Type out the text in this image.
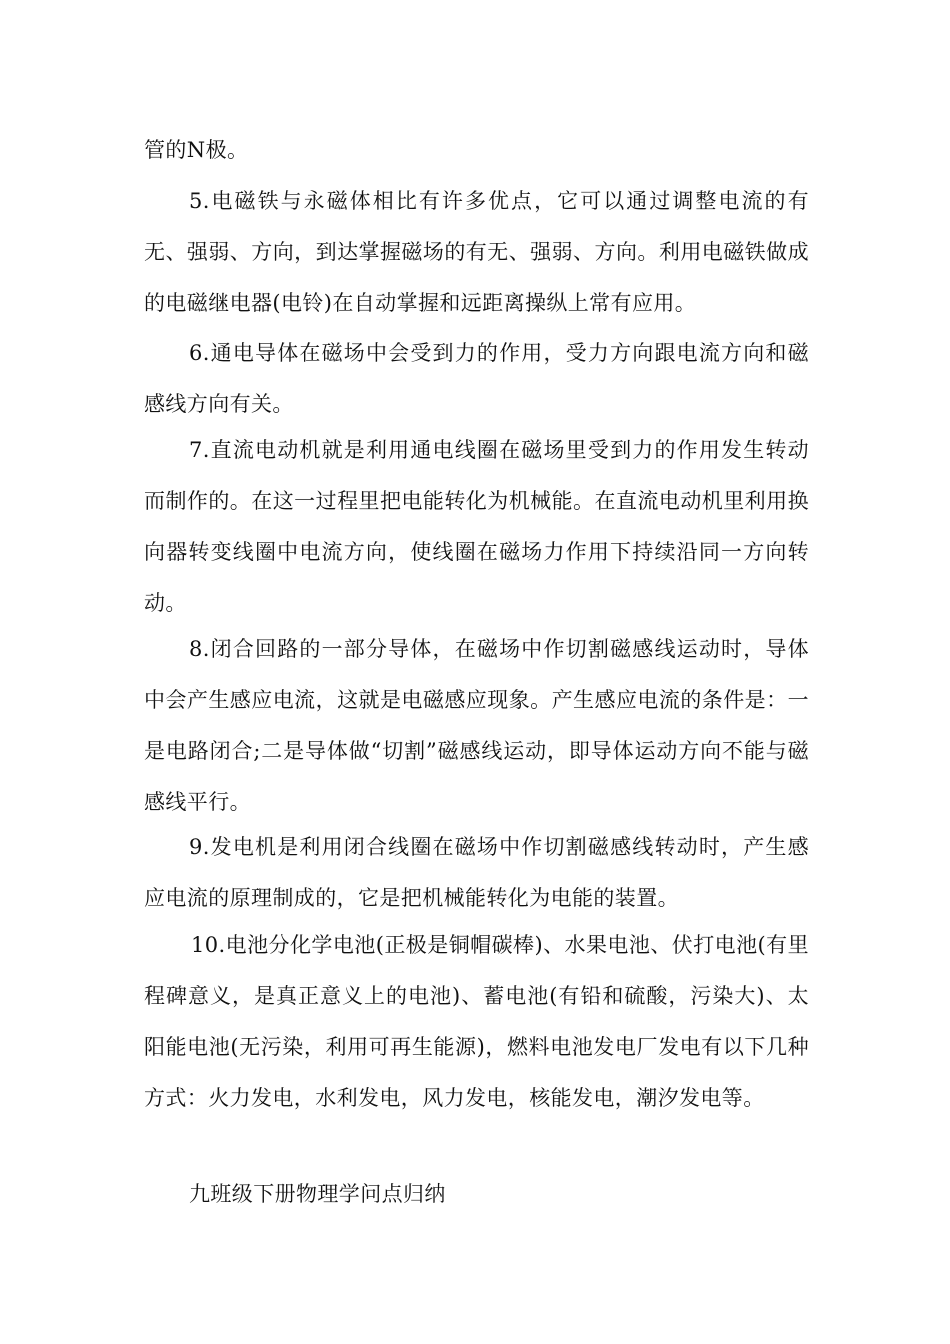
管的N极。

5.电磁铁与永磁体相比有许多优点，它可以通过调整电流的有无、强弱、方向，到达掌握磁场的有无、强弱、方向。利用电磁铁做成的电磁继电器(电铃)在自动掌握和远距离操纵上常有应用。

6.通电导体在磁场中会受到力的作用，受力方向跟电流方向和磁感线方向有关。

7.直流电动机就是利用通电线圈在磁场里受到力的作用发生转动而制作的。在这一过程里把电能转化为机械能。在直流电动机里利用换向器转变线圈中电流方向，使线圈在磁场力作用下持续沿同一方向转动。

8.闭合回路的一部分导体，在磁场中作切割磁感线运动时，导体中会产生感应电流，这就是电磁感应现象。产生感应电流的条件是：一是电路闭合;二是导体做“切割”磁感线运动，即导体运动方向不能与磁感线平行。

9.发电机是利用闭合线圈在磁场中作切割磁感线转动时，产生感应电流的原理制成的，它是把机械能转化为电能的装置。

10.电池分化学电池(正极是铜帽碳棒)、水果电池、伏打电池(有里程碑意义，是真正意义上的电池)、蓄电池(有铅和硫酸，污染大)、太阳能电池(无污染，利用可再生能源)，燃料电池发电厂发电有以下几种方式：火力发电，水利发电，风力发电，核能发电，潮汐发电等。

九班级下册物理学问点归纳
